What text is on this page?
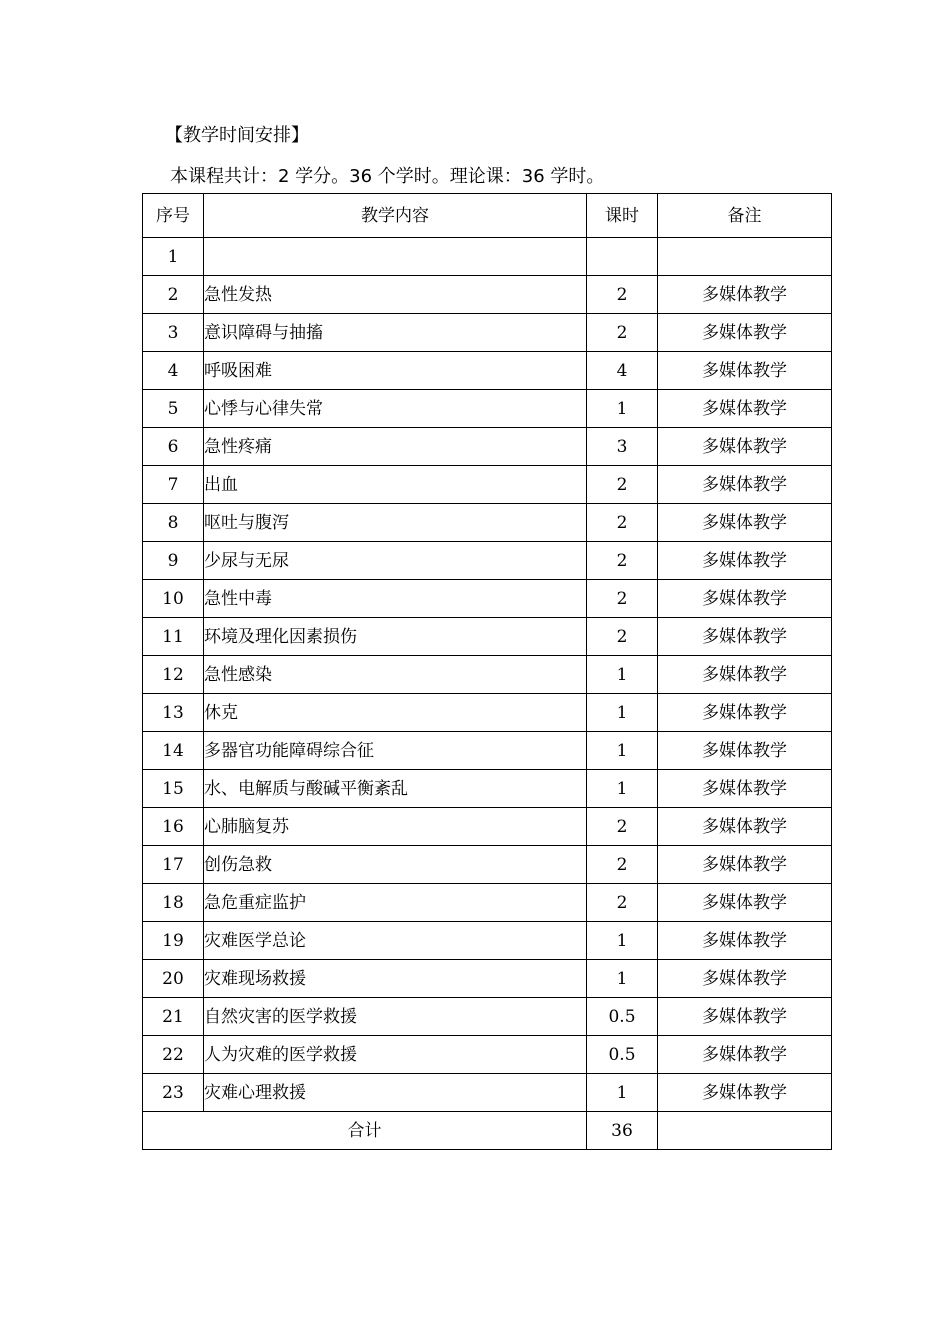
【教学时间安排】
本课程共计：2 学分。36 个学时。理论课：36 学时。
序号	教学内容	课时	备注
1			
2	急性发热	2	多媒体教学
3	意识障碍与抽搐	2	多媒体教学
4	呼吸困难	4	多媒体教学
5	心悸与心律失常	1	多媒体教学
6	急性疼痛	3	多媒体教学
7	出血	2	多媒体教学
8	呕吐与腹泻	2	多媒体教学
9	少尿与无尿	2	多媒体教学
10	急性中毒	2	多媒体教学
11	环境及理化因素损伤	2	多媒体教学
12	急性感染	1	多媒体教学
13	休克	1	多媒体教学
14	多器官功能障碍综合征	1	多媒体教学
15	水、电解质与酸碱平衡紊乱	1	多媒体教学
16	心肺脑复苏	2	多媒体教学
17	创伤急救	2	多媒体教学
18	急危重症监护	2	多媒体教学
19	灾难医学总论	1	多媒体教学
20	灾难现场救援	1	多媒体教学
21	自然灾害的医学救援	0.5	多媒体教学
22	人为灾难的医学救援	0.5	多媒体教学
23	灾难心理救援	1	多媒体教学
合计		36	
